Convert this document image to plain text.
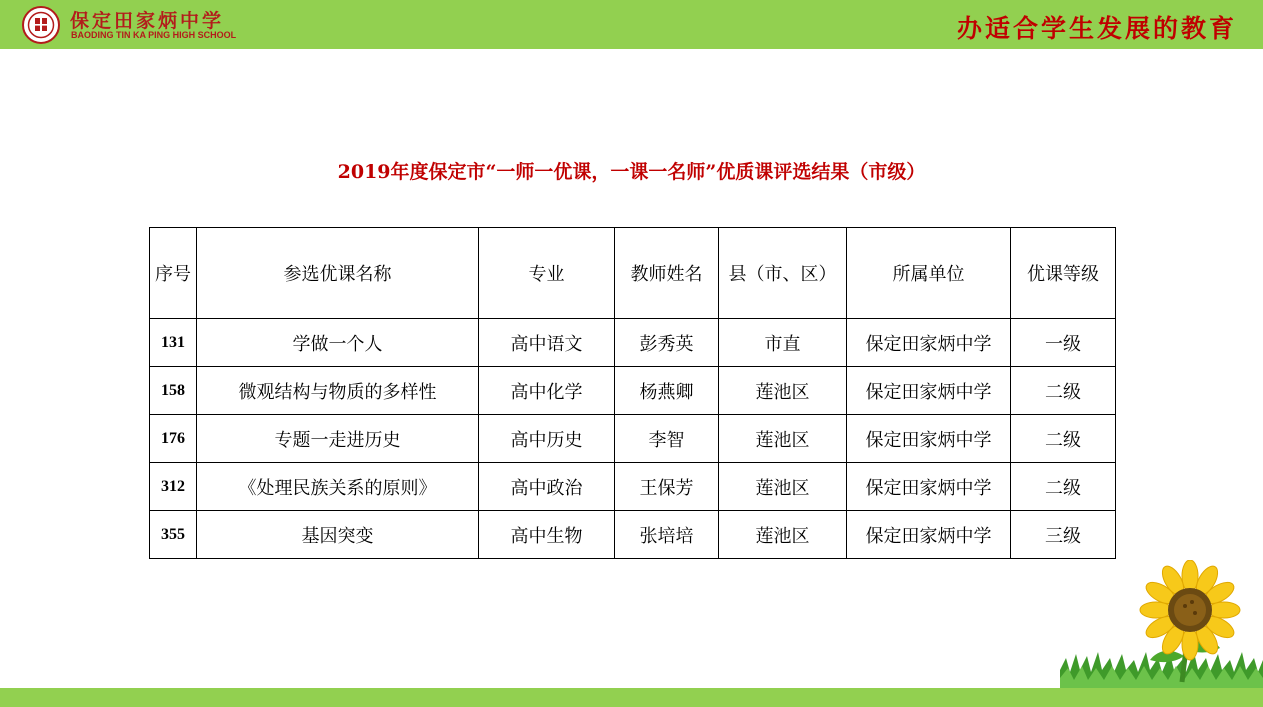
保定田家炳中学
BAODING TIN KA PING HIGH SCHOOL	办适合学生发展的教育
2019年度保定市“一师一优课，一课一名师”优质课评选结果（市级）
序号	参选优课名称	专业	教师姓名	县（市、区）	所属单位	优课等级
131	学做一个人	高中语文	彭秀英	市直	保定田家炳中学	一级
158	微观结构与物质的多样性	高中化学	杨燕卿	莲池区	保定田家炳中学	二级
176	专题一走进历史	高中历史	李智	莲池区	保定田家炳中学	二级
312	《处理民族关系的原则》	高中政治	王保芳	莲池区	保定田家炳中学	二级
355	基因突变	高中生物	张培培	莲池区	保定田家炳中学	三级
